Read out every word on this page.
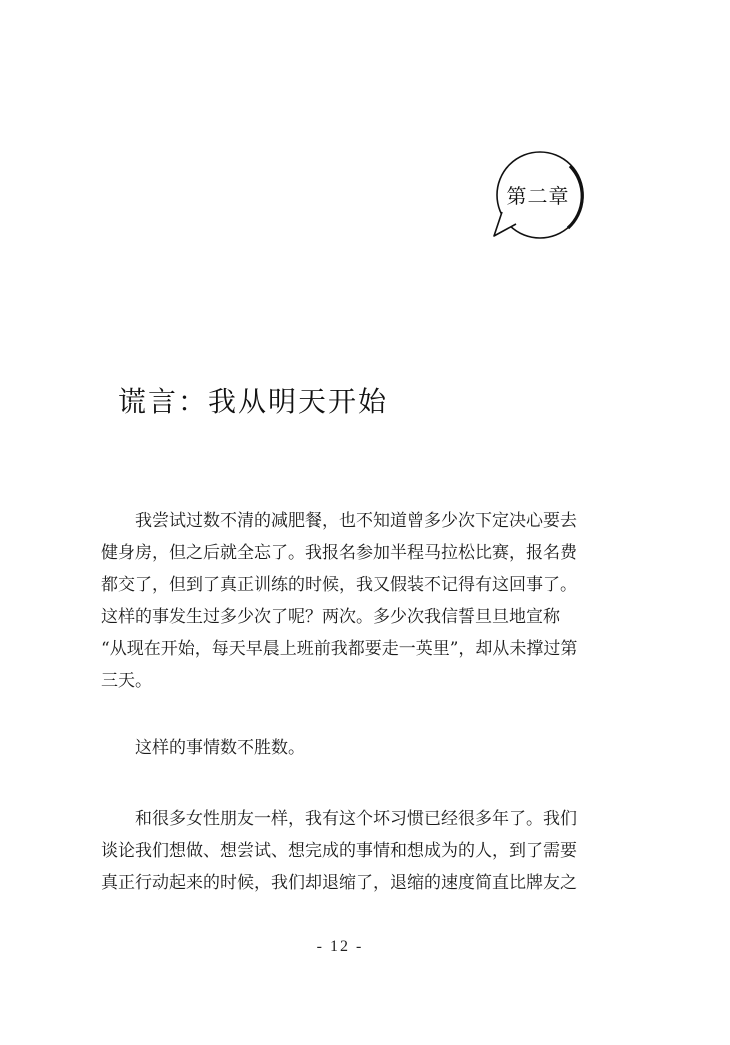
第二章
谎言：我从明天开始
我尝试过数不清的减肥餐，也不知道曾多少次下定决心要去
健身房，但之后就全忘了。我报名参加半程马拉松比赛，报名费
都交了，但到了真正训练的时候，我又假装不记得有这回事了。
这样的事发生过多少次了呢？两次。多少次我信誓旦旦地宣称
“从现在开始，每天早晨上班前我都要走一英里”，却从未撑过第
三天。
这样的事情数不胜数。
和很多女性朋友一样，我有这个坏习惯已经很多年了。我们
谈论我们想做、想尝试、想完成的事情和想成为的人，到了需要
真正行动起来的时候，我们却退缩了，退缩的速度简直比牌友之
- 12 -
